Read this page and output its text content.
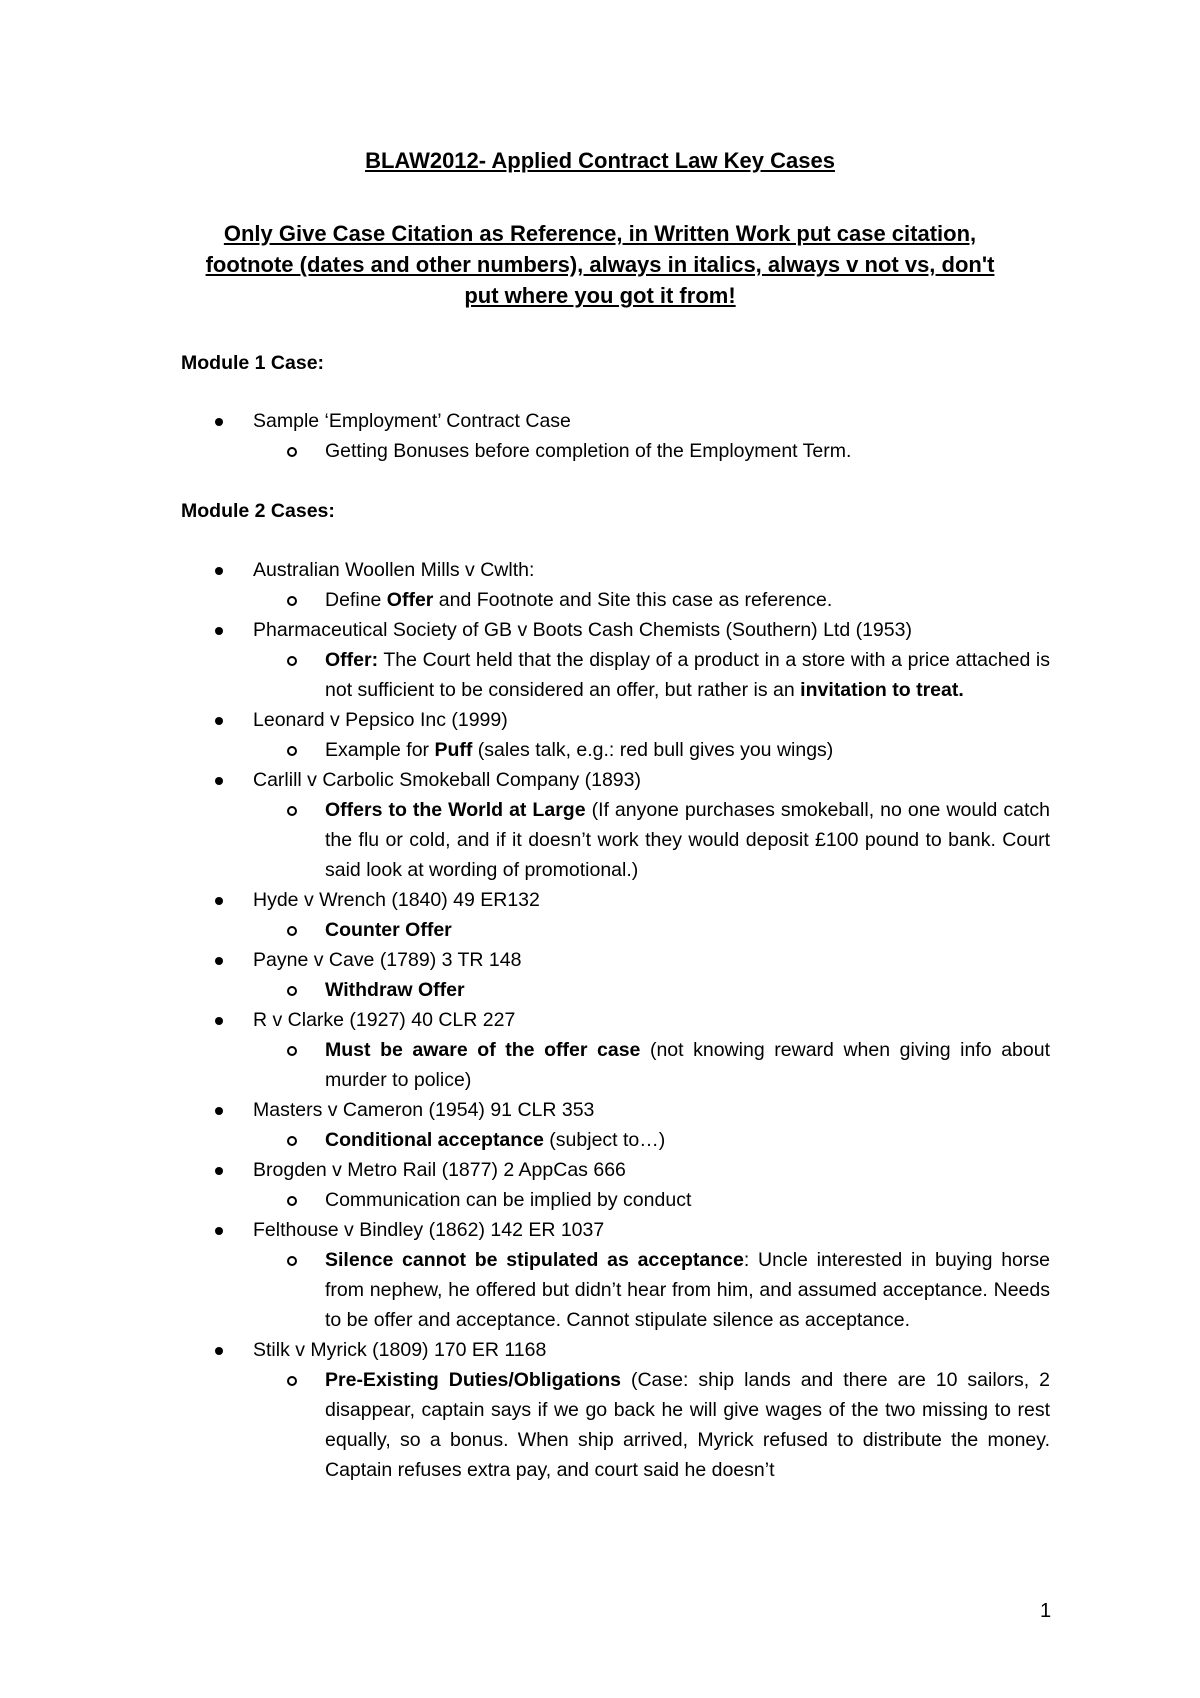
BLAW2012- Applied Contract Law Key Cases
Only Give Case Citation as Reference, in Written Work put case citation,
footnote (dates and other numbers), always in italics, always v not vs, don't
put where you got it from!
Module 1 Case:
Sample ‘Employment’ Contract Case
Getting Bonuses before completion of the Employment Term.
Module 2 Cases:
Australian Woollen Mills v Cwlth:
Define Offer and Footnote and Site this case as reference.
Pharmaceutical Society of GB v Boots Cash Chemists (Southern) Ltd (1953)
Offer: The Court held that the display of a product in a store with a price attached is not sufficient to be considered an offer, but rather is an invitation to treat.
Leonard v Pepsico Inc (1999)
Example for Puff (sales talk, e.g.: red bull gives you wings)
Carlill v Carbolic Smokeball Company (1893)
Offers to the World at Large (If anyone purchases smokeball, no one would catch the flu or cold, and if it doesn’t work they would deposit £100 pound to bank. Court said look at wording of promotional.)
Hyde v Wrench (1840) 49 ER132
Counter Offer
Payne v Cave (1789) 3 TR 148
Withdraw Offer
R v Clarke (1927) 40 CLR 227
Must be aware of the offer case (not knowing reward when giving info about murder to police)
Masters v Cameron (1954) 91 CLR 353
Conditional acceptance (subject to…)
Brogden v Metro Rail (1877) 2 AppCas 666
Communication can be implied by conduct
Felthouse v Bindley (1862) 142 ER 1037
Silence cannot be stipulated as acceptance: Uncle interested in buying horse from nephew, he offered but didn’t hear from him, and assumed acceptance. Needs to be offer and acceptance. Cannot stipulate silence as acceptance.
Stilk v Myrick (1809) 170 ER 1168
Pre-Existing Duties/Obligations (Case: ship lands and there are 10 sailors, 2 disappear, captain says if we go back he will give wages of the two missing to rest equally, so a bonus. When ship arrived, Myrick refused to distribute the money. Captain refuses extra pay, and court said he doesn’t
1
